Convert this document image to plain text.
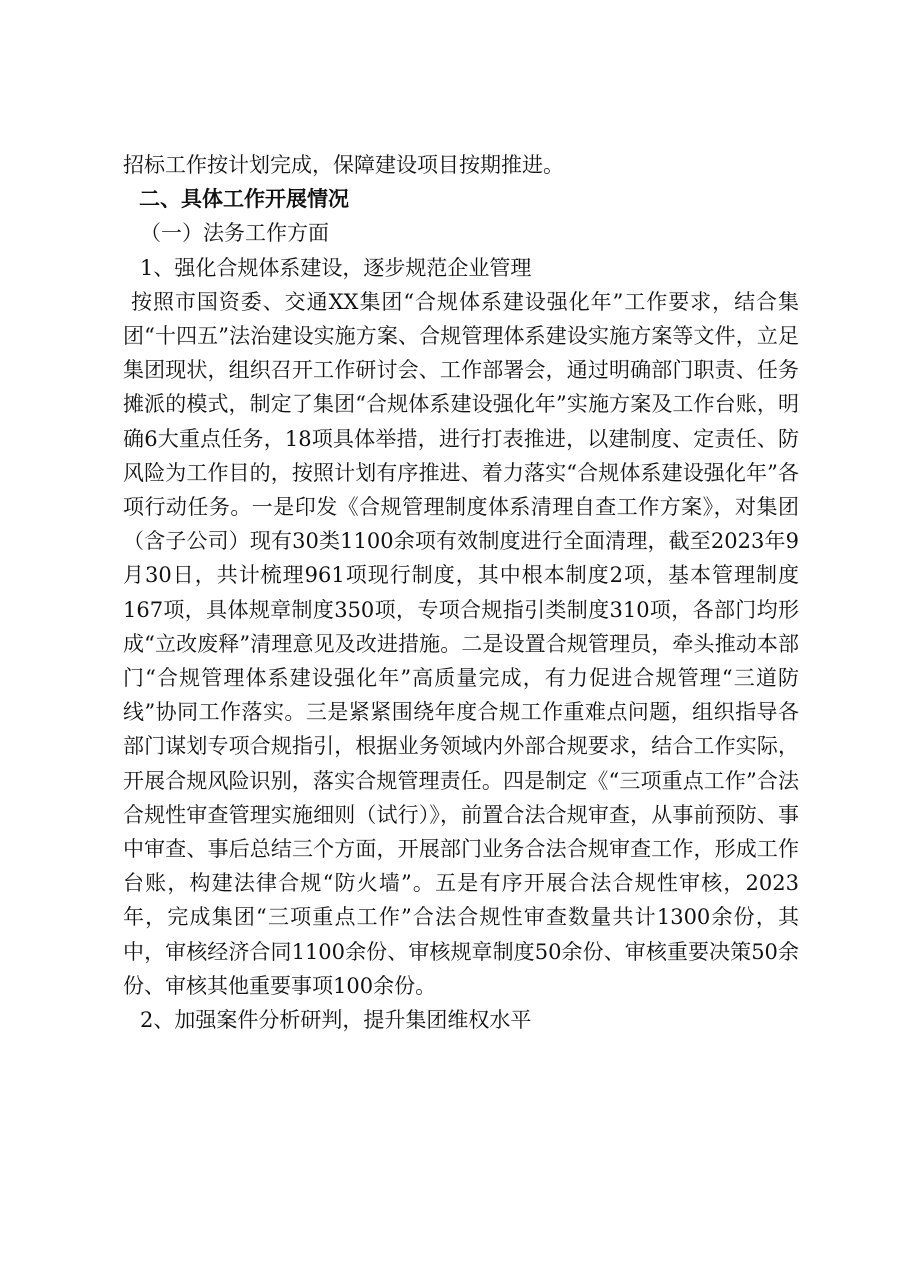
招标工作按计划完成，保障建设项目按期推进。

二、具体工作开展情况

（一）法务工作方面

1、强化合规体系建设，逐步规范企业管理

按照市国资委、交通XX集团“合规体系建设强化年”工作要求，结合集团“十四五”法治建设实施方案、合规管理体系建设实施方案等文件，立足集团现状，组织召开工作研讨会、工作部署会，通过明确部门职责、任务摊派的模式，制定了集团“合规体系建设强化年”实施方案及工作台账，明确6大重点任务，18项具体举措，进行打表推进，以建制度、定责任、防风险为工作目的，按照计划有序推进、着力落实“合规体系建设强化年”各项行动任务。一是印发《合规管理制度体系清理自查工作方案》，对集团（含子公司）现有30类1100余项有效制度进行全面清理，截至2023年9月30日，共计梳理961项现行制度，其中根本制度2项，基本管理制度167项，具体规章制度350项，专项合规指引类制度310项，各部门均形成“立改废释”清理意见及改进措施。二是设置合规管理员，牵头推动本部门“合规管理体系建设强化年”高质量完成，有力促进合规管理“三道防线”协同工作落实。三是紧紧围绕年度合规工作重难点问题，组织指导各部门谋划专项合规指引，根据业务领域内外部合规要求，结合工作实际，开展合规风险识别，落实合规管理责任。四是制定《“三项重点工作”合法合规性审查管理实施细则（试行）》，前置合法合规审查，从事前预防、事中审查、事后总结三个方面，开展部门业务合法合规审查工作，形成工作台账，构建法律合规“防火墙”。五是有序开展合法合规性审核，2023年，完成集团“三项重点工作”合法合规性审查数量共计1300余份，其中，审核经济合同1100余份、审核规章制度50余份、审核重要决策50余份、审核其他重要事项100余份。

2、加强案件分析研判，提升集团维权水平
